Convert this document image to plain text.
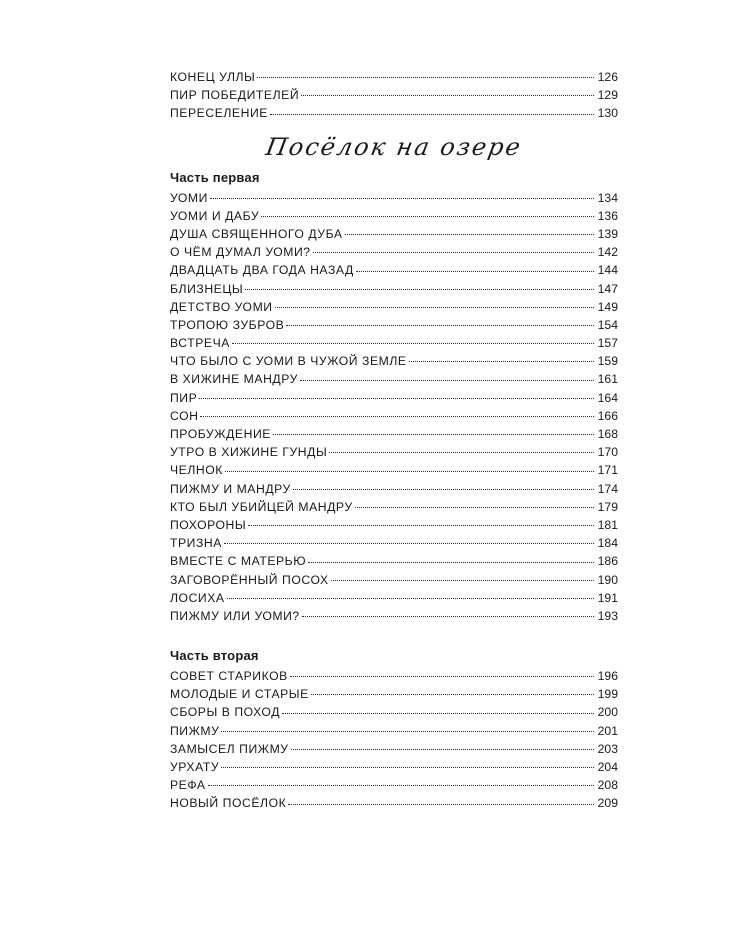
КОНЕЦ УЛЛЫ	126
ПИР ПОБЕДИТЕЛЕЙ	129
ПЕРЕСЕЛЕНИЕ	130
Посёлок на озере
Часть первая
УОМИ	134
УОМИ И ДАБУ	136
ДУША СВЯЩЕННОГО ДУБА	139
О ЧЁМ ДУМАЛ УОМИ?	142
ДВАДЦАТЬ ДВА ГОДА НАЗАД	144
БЛИЗНЕЦЫ	147
ДЕТСТВО УОМИ	149
ТРОПОЮ ЗУБРОВ	154
ВСТРЕЧА	157
ЧТО БЫЛО С УОМИ В ЧУЖОЙ ЗЕМЛЕ	159
В ХИЖИНЕ МАНДРУ	161
ПИР	164
СОН	166
ПРОБУЖДЕНИЕ	168
УТРО В ХИЖИНЕ ГУНДЫ	170
ЧЕЛНОК	171
ПИЖМУ И МАНДРУ	174
КТО БЫЛ УБИЙЦЕЙ МАНДРУ	179
ПОХОРОНЫ	181
ТРИЗНА	184
ВМЕСТЕ С МАТЕРЬЮ	186
ЗАГОВОРЁННЫЙ ПОСОХ	190
ЛОСИХА	191
ПИЖМУ ИЛИ УОМИ?	193
Часть вторая
СОВЕТ СТАРИКОВ	196
МОЛОДЫЕ И СТАРЫЕ	199
СБОРЫ В ПОХОД	200
ПИЖМУ	201
ЗАМЫСЕЛ ПИЖМУ	203
УРХАТУ	204
РЕФА	208
НОВЫЙ ПОСЁЛОК	209
